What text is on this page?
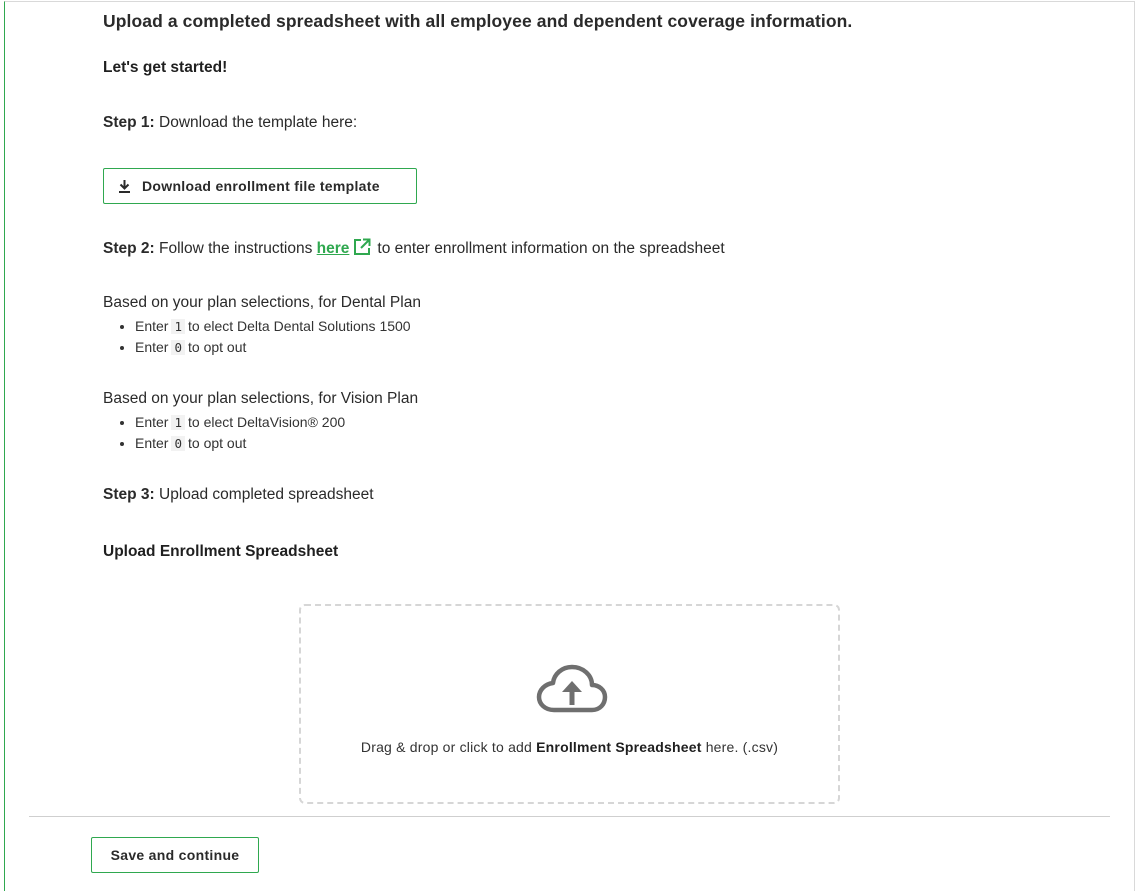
Upload a completed spreadsheet with all employee and dependent coverage information.
Let's get started!
Step 1: Download the template here:
Download enrollment file template
Step 2: Follow the instructions here to enter enrollment information on the spreadsheet
Based on your plan selections, for Dental Plan
• Enter 1 to elect Delta Dental Solutions 1500
• Enter 0 to opt out
Based on your plan selections, for Vision Plan
• Enter 1 to elect DeltaVision® 200
• Enter 0 to opt out
Step 3: Upload completed spreadsheet
Upload Enrollment Spreadsheet
Drag & drop or click to add Enrollment Spreadsheet here. (.csv)
Save and continue
